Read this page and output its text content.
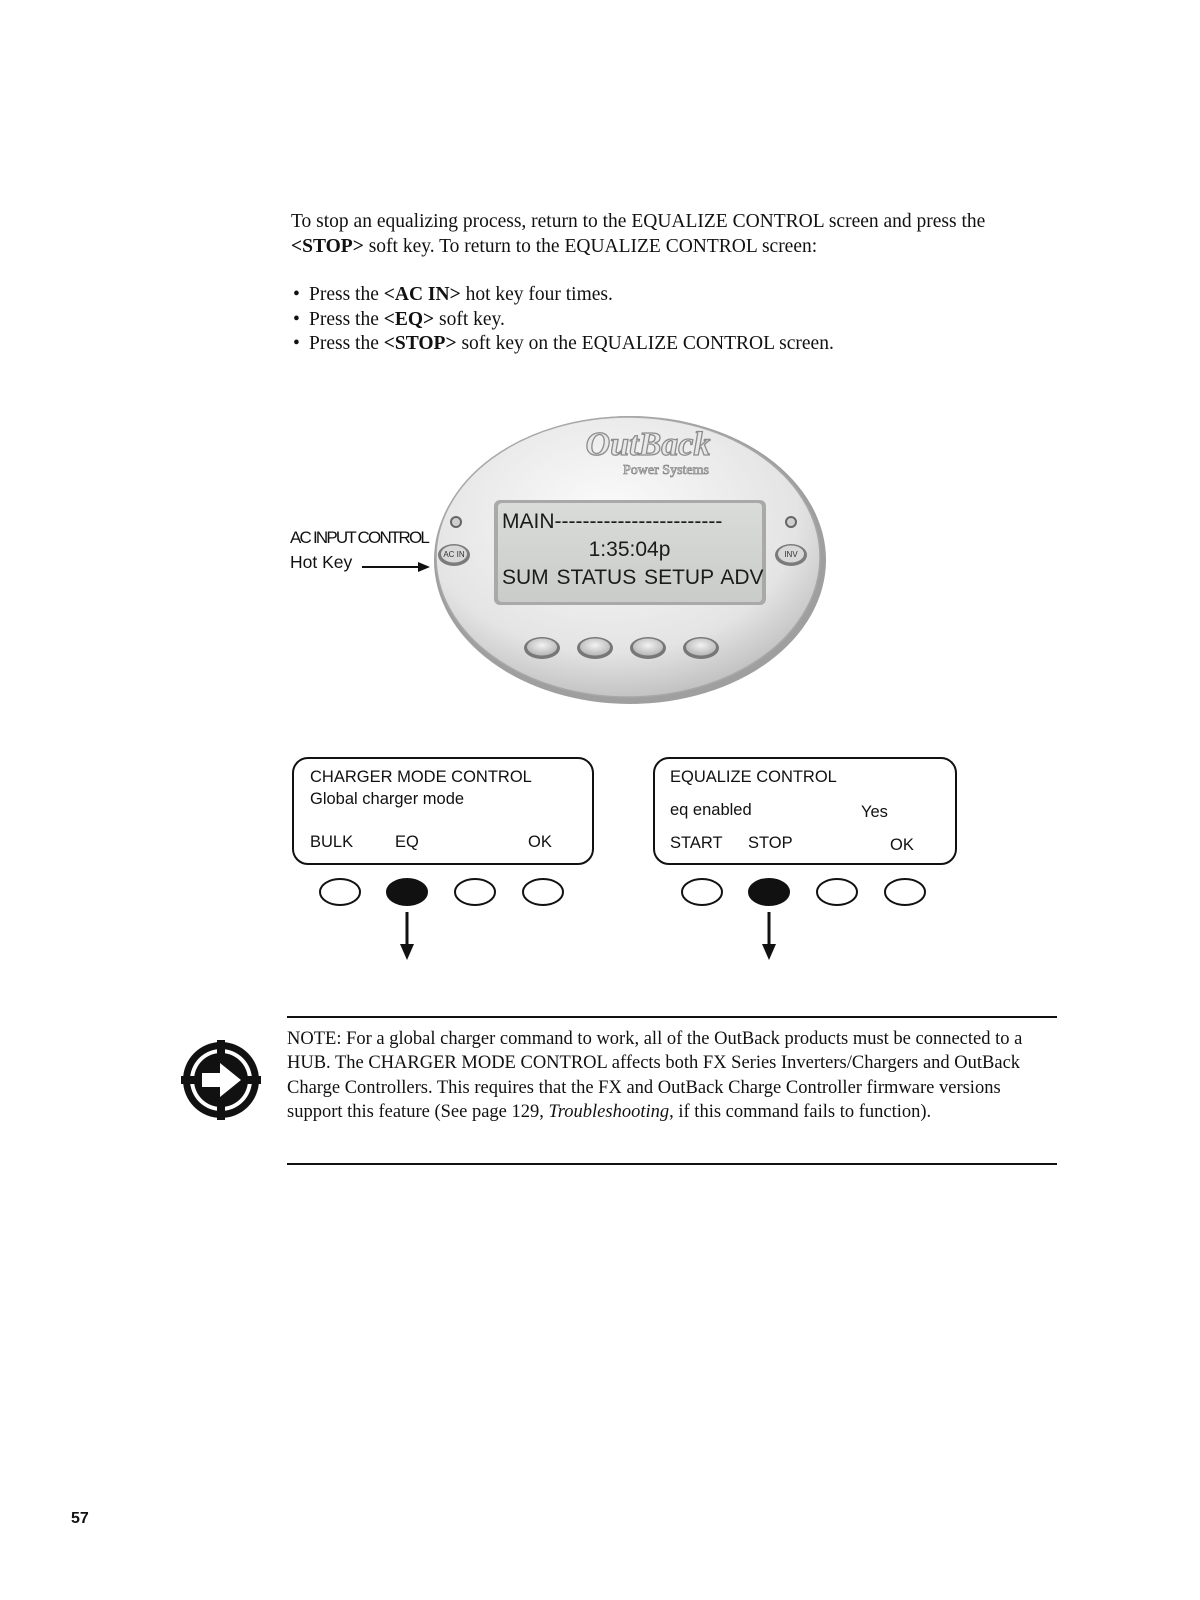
To stop an equalizing process, return to the EQUALIZE CONTROL screen and press the
<STOP> soft key. To return to the EQUALIZE CONTROL screen:
• Press the <AC IN> hot key four times.
• Press the <EQ> soft key.
• Press the <STOP> soft key on the EQUALIZE CONTROL screen.
OutBack
Power Systems
AC IN	INV
MAIN------------------------
1:35:04p
SUM STATUS SETUP ADV
AC INPUT CONTROL
Hot Key
CHARGER MODE CONTROL
Global charger mode
BULK	EQ	OK
EQUALIZE CONTROL
eq enabled	Yes
START STOP	OK
NOTE: For a global charger command to work, all of the OutBack products must be connected to a HUB. The CHARGER MODE CONTROL affects both FX Series Inverters/Chargers and OutBack Charge Controllers. This requires that the FX and OutBack Charge Controller firmware versions support this feature (See page 129, Troubleshooting, if this command fails to function).
57
